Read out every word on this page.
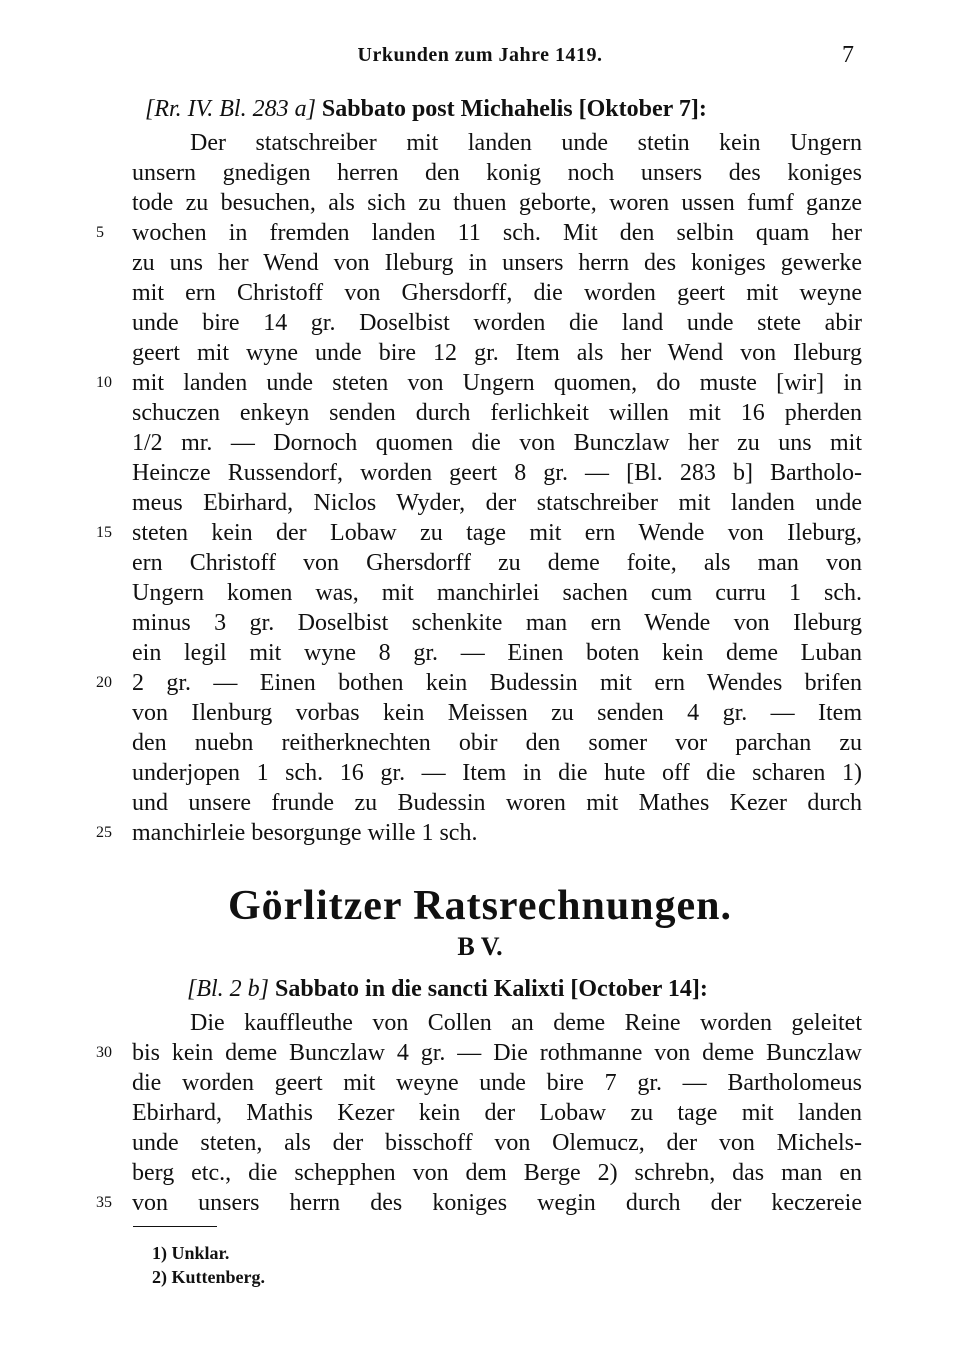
Urkunden zum Jahre 1419.	7
[Rr. IV. Bl. 283 a] Sabbato post Michahelis [Oktober 7]:
Der statschreiber mit landen unde stetin kein Ungern
unsern gnedigen herren den konig noch unsers des koniges
tode zu besuchen, als sich zu thuen geborte, woren ussen fumf ganze
wochen in fremden landen 11 sch. Mit den selbin quam her
zu uns her Wend von Ileburg in unsers herrn des koniges gewerke
mit ern Christoff von Ghersdorff, die worden geert mit weyne
unde bire 14 gr. Doselbist worden die land unde stete abir
geert mit wyne unde bire 12 gr. Item als her Wend von Ileburg
mit landen unde steten von Ungern quomen, do muste [wir] in
schuczen enkeyn senden durch ferlichkeit willen mit 16 pherden
1/2 mr. — Dornoch quomen die von Bunczlaw her zu uns mit
Heincze Russendorf, worden geert 8 gr. — [Bl. 283 b] Bartholo-
meus Ebirhard, Niclos Wyder, der statschreiber mit landen unde
steten kein der Lobaw zu tage mit ern Wende von Ileburg,
ern Christoff von Ghersdorff zu deme foite, als man von
Ungern komen was, mit manchirlei sachen cum curru 1 sch.
minus 3 gr. Doselbist schenkite man ern Wende von Ileburg
ein legil mit wyne 8 gr. — Einen boten kein deme Luban
2 gr. — Einen bothen kein Budessin mit ern Wendes brifen
von Ilenburg vorbas kein Meissen zu senden 4 gr. — Item
den nuebn reitherknechten obir den somer vor parchan zu
underjopen 1 sch. 16 gr. — Item in die hute off die scharen 1)
und unsere frunde zu Budessin woren mit Mathes Kezer durch
manchirleie besorgunge wille 1 sch.
Görlitzer Ratsrechnungen.
B V.
[Bl. 2 b] Sabbato in die sancti Kalixti [October 14]:
Die kauffleuthe von Collen an deme Reine worden geleitet
bis kein deme Bunczlaw 4 gr. — Die rothmanne von deme Bunczlaw
die worden geert mit weyne unde bire 7 gr. — Bartholomeus
Ebirhard, Mathis Kezer kein der Lobaw zu tage mit landen
unde steten, als der bisschoff von Olemucz, der von Michels-
berg etc., die schepphen von dem Berge 2) schrebn, das man en
von unsers herrn des koniges wegin durch der keczereie
5
10
15
20
25
30
35
1) Unklar.
2) Kuttenberg.
